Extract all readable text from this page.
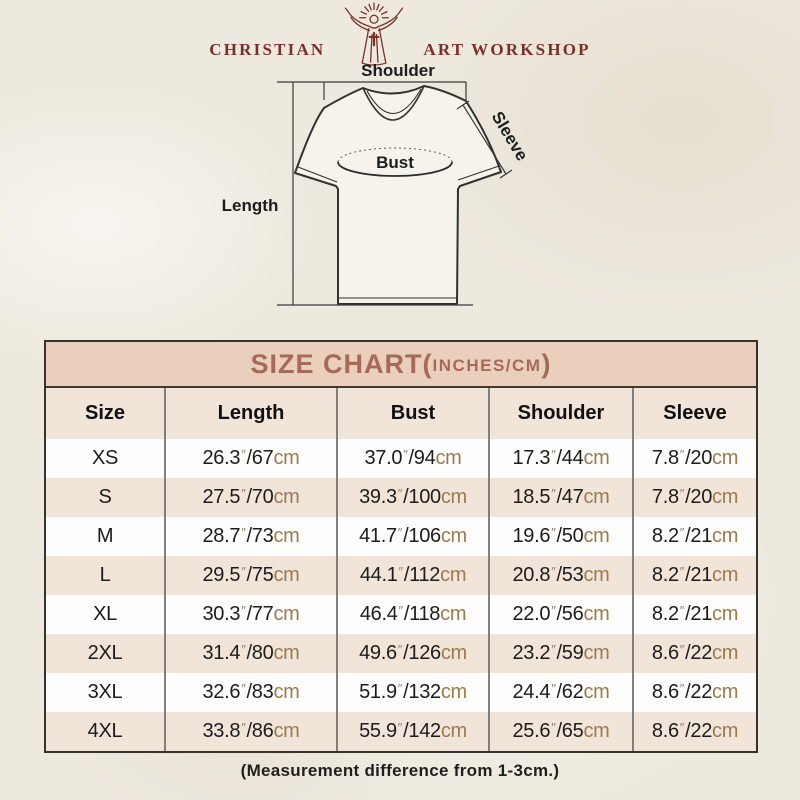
CHRISTIAN	ART WORKSHOP
Shoulder
Length
Bust	Sleeve
SIZE CHART( INCHES/CM )
Size	Length	Bust	Shoulder	Sleeve
XS	26.3″/67cm	37.0″/94cm	17.3″/44cm	7.8″/20cm
S	27.5″/70cm	39.3″/100cm	18.5″/47cm	7.8″/20cm
M	28.7″/73cm	41.7″/106cm	19.6″/50cm	8.2″/21cm
L	29.5″/75cm	44.1″/112cm	20.8″/53cm	8.2″/21cm
XL	30.3″/77cm	46.4″/118cm	22.0″/56cm	8.2″/21cm
2XL	31.4″/80cm	49.6″/126cm	23.2″/59cm	8.6″/22cm
3XL	32.6″/83cm	51.9″/132cm	24.4″/62cm	8.6″/22cm
4XL	33.8″/86cm	55.9″/142cm	25.6″/65cm	8.6″/22cm
(Measurement difference from 1-3cm.)
